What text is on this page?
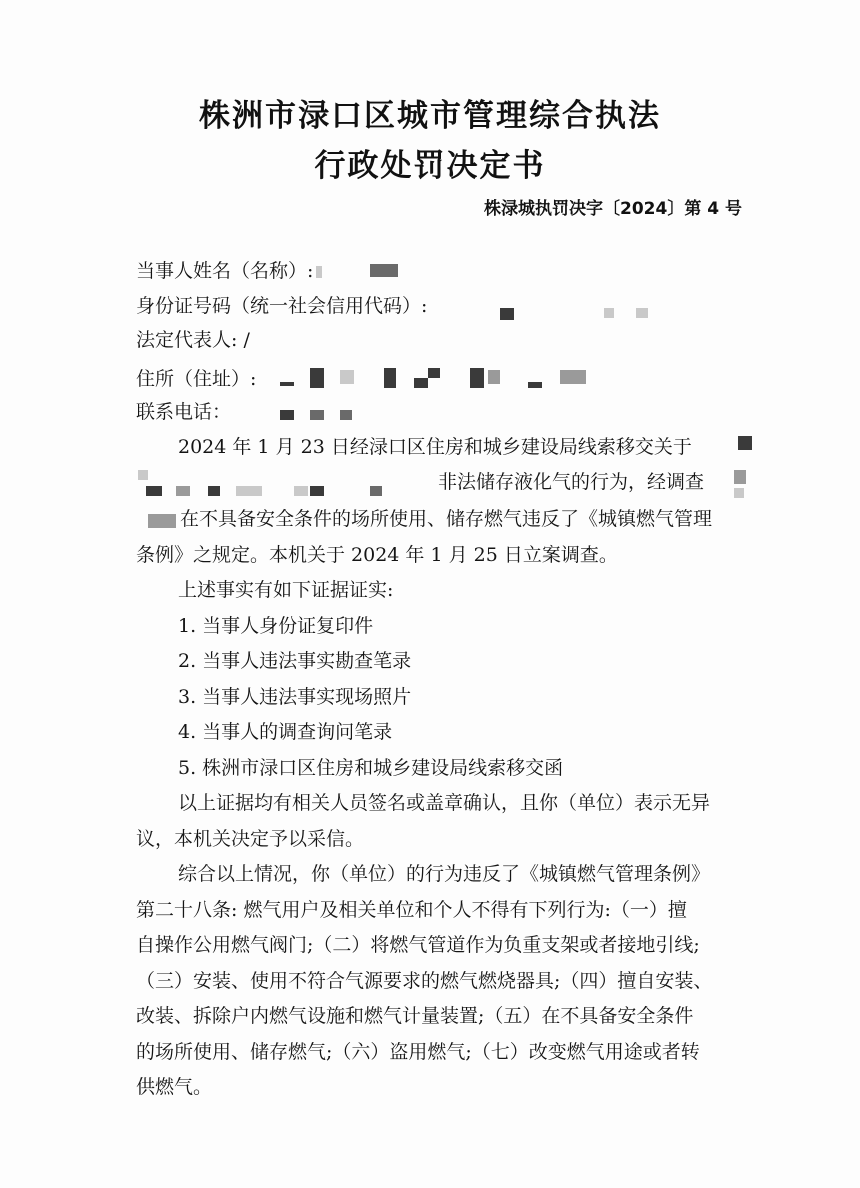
株洲市渌口区城市管理综合执法
行政处罚决定书
株渌城执罚决字〔2024〕第 4 号
当事人姓名（名称）:
身份证号码（统一社会信用代码）:
法定代表人: /
住所（住址）:
联系电话：
2024 年 1 月 23 日经渌口区住房和城乡建设局线索移交关于
非法储存液化气的行为，经调查
在不具备安全条件的场所使用、储存燃气违反了《城镇燃气管理
条例》之规定。本机关于 2024 年 1 月 25 日立案调查。
上述事实有如下证据证实:
1. 当事人身份证复印件
2. 当事人违法事实勘查笔录
3. 当事人违法事实现场照片
4. 当事人的调查询问笔录
5. 株洲市渌口区住房和城乡建设局线索移交函
以上证据均有相关人员签名或盖章确认，且你（单位）表示无异
议，本机关决定予以采信。
综合以上情况，你（单位）的行为违反了《城镇燃气管理条例》
第二十八条: 燃气用户及相关单位和个人不得有下列行为:（一）擅
自操作公用燃气阀门;（二）将燃气管道作为负重支架或者接地引线;
（三）安装、使用不符合气源要求的燃气燃烧器具;（四）擅自安装、
改装、拆除户内燃气设施和燃气计量装置;（五）在不具备安全条件
的场所使用、储存燃气;（六）盗用燃气;（七）改变燃气用途或者转
供燃气。
